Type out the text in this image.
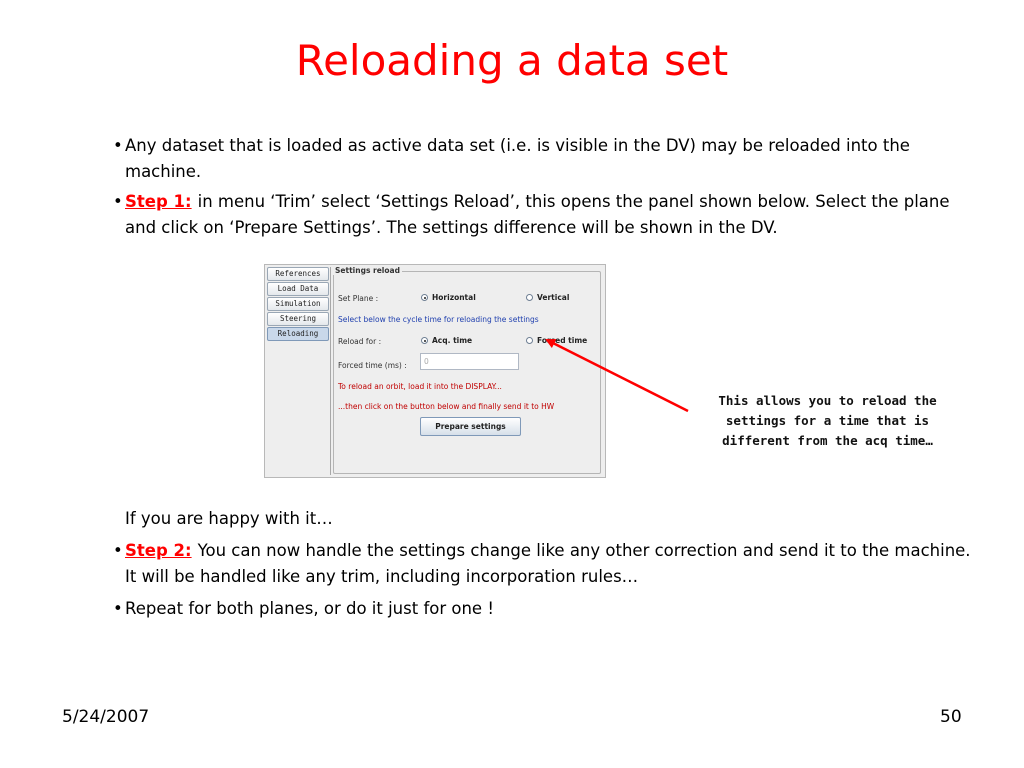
Reloading a data set
• Any dataset that is loaded as active data set (i.e. is visible in the DV) may be reloaded into the machine.
• Step 1: in menu ‘Trim’ select ‘Settings Reload’, this opens the panel shown below. Select the plane and click on ‘Prepare Settings’. The settings difference will be shown in the DV.
References
Load Data
Simulation
Steering
Reloading
Set Plane :	Horizontal	Vertical
Select below the cycle time for reloading the settings
Reload for :	Acq. time	Forced time
Forced time (ms) :	0
To reload an orbit, load it into the DISPLAY...
...then click on the button below and finally send it to HW
Prepare settings
Settings reload
This allows you to reload the settings for a time that is different from the acq time…
If you are happy with it…
• Step 2: You can now handle the settings change like any other correction and send it to the machine. It will be handled like any trim, including incorporation rules…
• Repeat for both planes, or do it just for one !
5/24/2007	50
